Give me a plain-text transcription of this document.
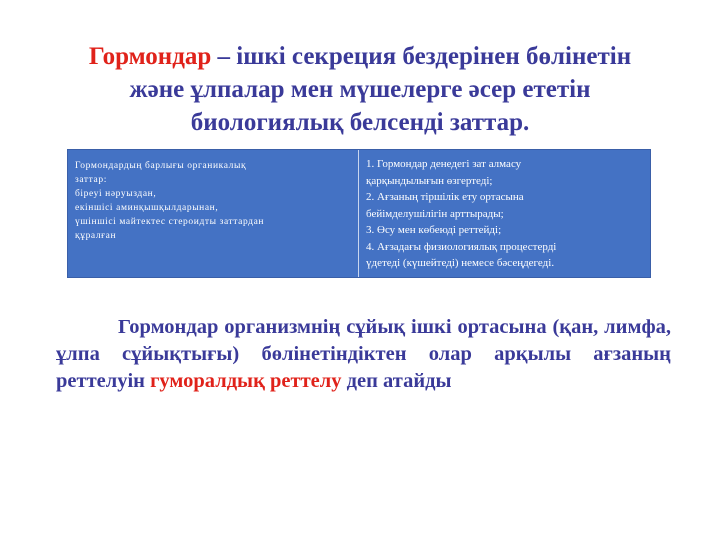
Гормондар – ішкі секреция бездерінен бөлінетін
және ұлпалар мен мүшелерге әсер ететін
биологиялық белсенді заттар.
Гормондардың барлығы органикалық
заттар:
біреуі нәруыздан,
екіншісі аминқышқылдарынан,
үшіншісі майтектес стероидты заттардан
құралған
1. Гормондар денедегі зат алмасу
қарқындылығын өзгертеді;
2. Ағзаның тіршілік ету ортасына
бейімделушілігін арттырады;
3. Өсу мен көбеюді реттейді;
4. Ағзадағы физиологиялық процестерді
үдетеді (күшейтеді) немесе бәсеңдегеді.
Гормондар организмнің сұйық ішкі ортасына (қан, лимфа, ұлпа сұйықтығы) бөлінетіндіктен олар арқылы ағзаның реттелуін гуморалдық реттелу деп атайды
